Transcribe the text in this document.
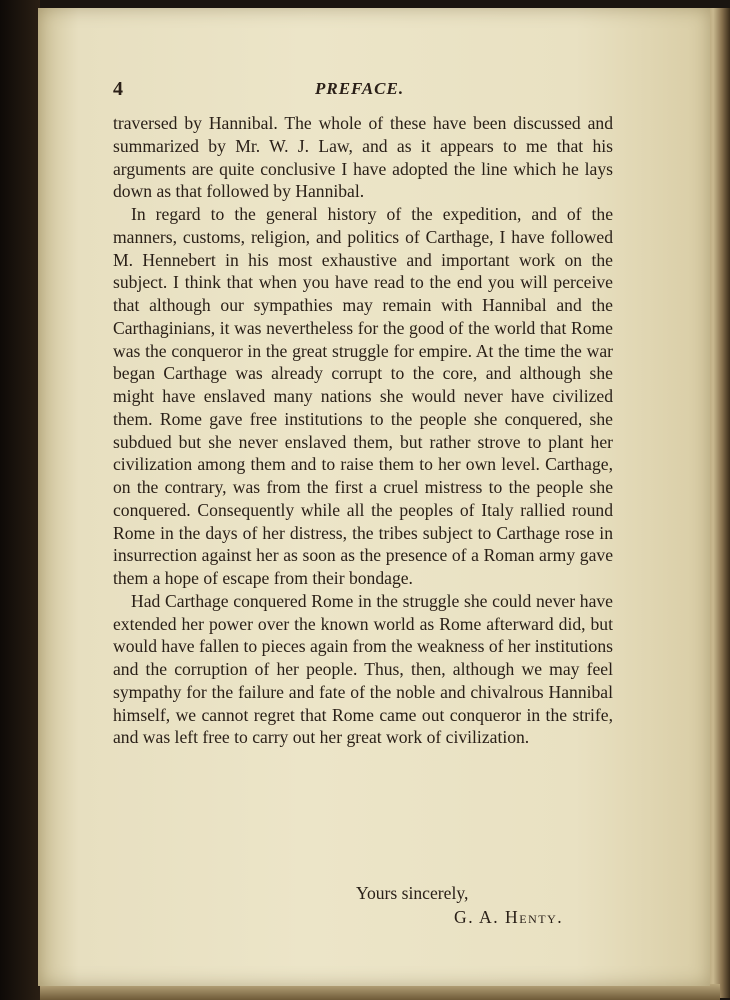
4	PREFACE.

traversed by Hannibal. The whole of these have been discussed and summarized by Mr. W. J. Law, and as it appears to me that his arguments are quite conclusive I have adopted the line which he lays down as that followed by Hannibal.

In regard to the general history of the expedition, and of the manners, customs, religion, and politics of Carthage, I have followed M. Hennebert in his most exhaustive and important work on the subject. I think that when you have read to the end you will perceive that although our sympathies may remain with Hannibal and the Carthaginians, it was nevertheless for the good of the world that Rome was the conqueror in the great struggle for empire. At the time the war began Carthage was already corrupt to the core, and although she might have enslaved many nations she would never have civilized them. Rome gave free institutions to the people she conquered, she subdued but she never enslaved them, but rather strove to plant her civilization among them and to raise them to her own level. Carthage, on the contrary, was from the first a cruel mistress to the people she conquered. Consequently while all the peoples of Italy rallied round Rome in the days of her distress, the tribes subject to Carthage rose in insurrection against her as soon as the presence of a Roman army gave them a hope of escape from their bondage.

Had Carthage conquered Rome in the struggle she could never have extended her power over the known world as Rome afterward did, but would have fallen to pieces again from the weakness of her institutions and the corruption of her people. Thus, then, although we may feel sympathy for the failure and fate of the noble and chivalrous Hannibal himself, we cannot regret that Rome came out conqueror in the strife, and was left free to carry out her great work of civilization.

Yours sincerely,
G. A. Henty.
